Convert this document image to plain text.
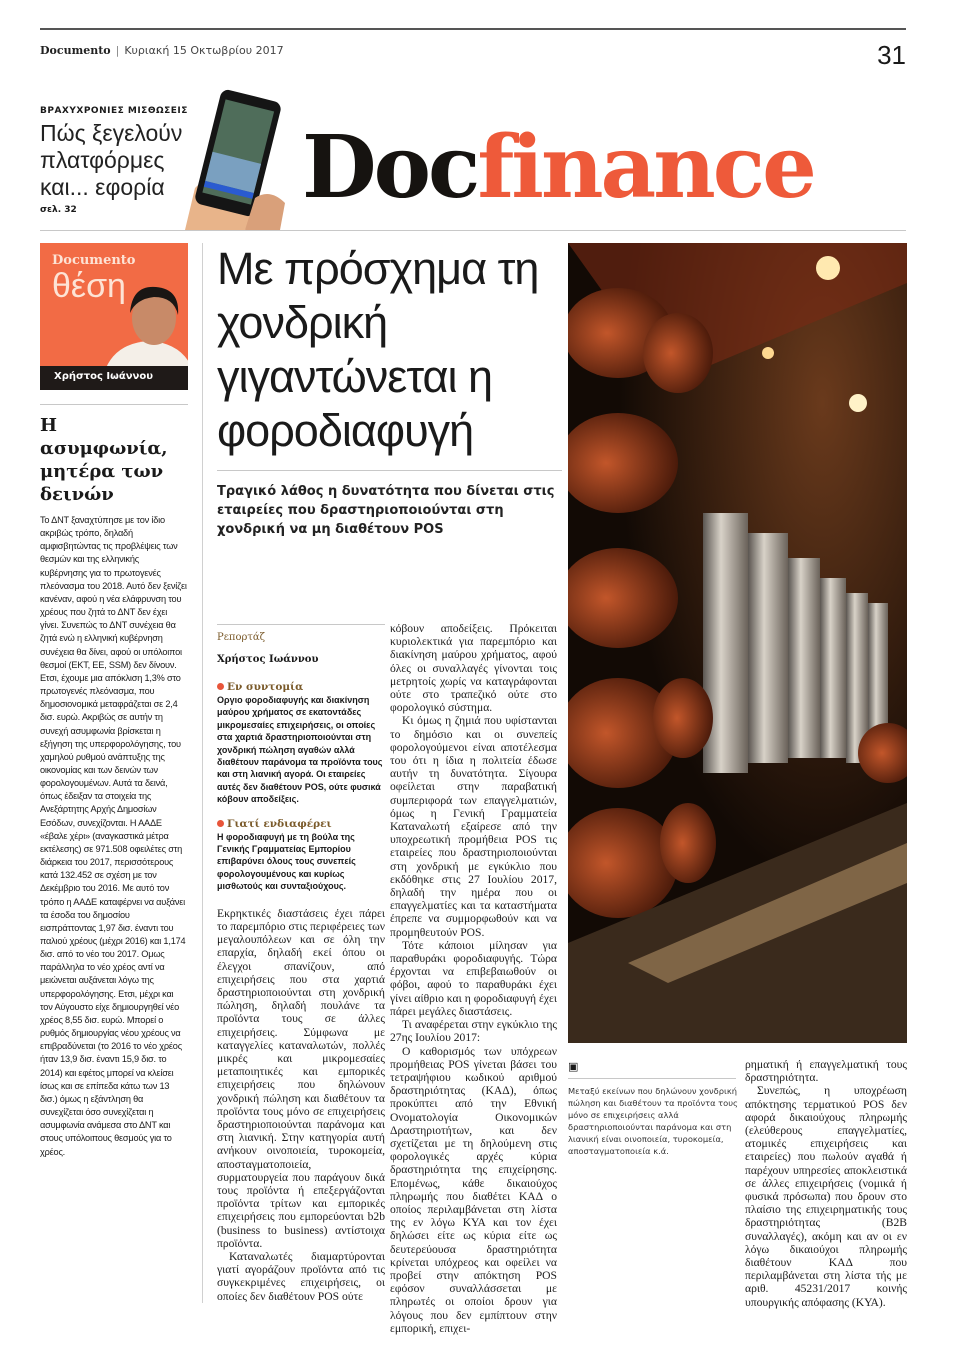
Documento | Κυριακή 15 Οκτωβρίου 2017	31
ΒΡΑΧΥΧΡΟΝΙΕΣ ΜΙΣΘΩΣΕΙΣ
Πώς ξεγελούν
πλατφόρμες
και... εφορία
σελ. 32	Docfinance
Documento
θέση
Χρήστος Ιωάννου
Η ασυμφωνία, μητέρα των δεινών
Το ΔΝΤ ξαναχτύπησε με τον ίδιο ακριβώς τρόπο, δηλαδή αμφισβητώντας τις προβλέψεις των θεσμών και της ελληνικής κυβέρνησης για το πρωτογενές πλεόνασμα του 2018. Αυτό δεν ξενίζει κανέναν, αφού η νέα ελάφρυνση του χρέους που ζητά το ΔΝΤ δεν έχει γίνει. Συνεπώς το ΔΝΤ συνέχεια θα ζητά ενώ η ελληνική κυβέρνηση συνέχεια θα δίνει, αφού οι υπόλοιποι θεσμοί (ΕΚΤ, ΕΕ, SSM) δεν δίνουν. Ετσι, έχουμε μια απόκλιση 1,3% στο πρωτογενές πλεόνασμα, που δημοσιονομικά μεταφράζεται σε 2,4 δισ. ευρώ. Ακριβώς σε αυτήν τη συνεχή ασυμφωνία βρίσκεται η εξήγηση της υπερφορολόγησης, του χαμηλού ρυθμού ανάπτυξης της οικονομίας και των δεινών των φορολογουμένων. Αυτά τα δεινά, όπως έδειξαν τα στοιχεία της Ανεξάρτητης Αρχής Δημοσίων Εσόδων, συνεχίζονται. Η ΑΑΔΕ «έβαλε χέρι» (αναγκαστικά μέτρα εκτέλεσης) σε 971.508 οφειλέτες στη διάρκεια του 2017, περισσότερους κατά 132.452 σε σχέση με τον Δεκέμβριο του 2016. Με αυτό τον τρόπο η ΑΑΔΕ καταφέρνει να αυξάνει τα έσοδα του δημοσίου εισπράττοντας 1,97 δισ. έναντι του παλιού χρέους (μέχρι 2016) και 1,174 δισ. από το νέο του 2017. Ομως παράλληλα το νέο χρέος αντί να μειώνεται αυξάνεται λόγω της υπερφορολόγησης. Ετσι, μέχρι και τον Αύγουστο είχε δημιουργηθεί νέο χρέος 8,55 δισ. ευρώ. Μπορεί ο ρυθμός δημιουργίας νέου χρέους να επιβραδύνεται (το 2016 το νέο χρέος ήταν 13,9 δισ. έναντι 15,9 δισ. το 2014) και εφέτος μπορεί να κλείσει ίσως και σε επίπεδα κάτω των 13 δισ.) όμως η εξάντληση θα συνεχίζεται όσο συνεχίζεται η ασυμφωνία ανάμεσα στο ΔΝΤ και στους υπόλοιπους θεσμούς για το χρέος.
Με πρόσχημα τη χονδρική γιγαντώνεται η φοροδιαφυγή
Τραγικό λάθος η δυνατότητα που δίνεται στις εταιρείες που δραστηριοποιούνται στη χονδρική να μη διαθέτουν POS
Ρεπορτάζ
Χρήστος Ιωάννου
Εν συντομία
Οργιο φοροδιαφυγής και διακίνηση μαύρου χρήματος σε εκατοντάδες μικρομεσαίες επιχειρήσεις, οι οποίες στα χαρτιά δραστηριοποιούνται στη χονδρική πώληση αγαθών αλλά διαθέτουν παράνομα τα προϊόντα τους και στη λιανική αγορά. Οι εταιρείες αυτές δεν διαθέτουν POS, ούτε φυσικά κόβουν αποδείξεις.
Γιατί ενδιαφέρει
Η φοροδιαφυγή με τη βούλα της Γενικής Γραμματείας Εμπορίου επιβαρύνει όλους τους συνεπείς φορολογουμένους και κυρίως μισθωτούς και συνταξιούχους.

Εκρηκτικές διαστάσεις έχει πάρει το παρεμπόριο στις περιφέρειες των μεγαλουπόλεων και σε όλη την επαρχία, δηλαδή εκεί όπου οι έλεγχοι σπανίζουν, από επιχειρήσεις που στα χαρτιά δραστηριοποιούνται στη χονδρική πώληση, δηλαδή πουλάνε τα προϊόντα τους σε άλλες επιχειρήσεις. Σύμφωνα με καταγγελίες καταναλωτών, πολλές μικρές και μικρομεσαίες μεταποιητικές και εμπορικές επιχειρήσεις που δηλώνουν χονδρική πώληση και διαθέτουν τα προϊόντα τους μόνο σε επιχειρήσεις δραστηριοποιούνται παράνομα και στη λιανική. Στην κατηγορία αυτή ανήκουν οινοποιεία, τυροκομεία, αποσταγματοποιεία, συρματουργεία που παράγουν δικά τους προϊόντα ή επεξεργάζονται προϊόντα τρίτων και εμπορικές επιχειρήσεις που εμπορεύονται b2b (business to business) αντίστοιχα προϊόντα.

Καταναλωτές διαμαρτύρονται γιατί αγοράζουν προϊόντα από τις συγκεκριμένες επιχειρήσεις, οι οποίες δεν διαθέτουν POS ούτε

κόβουν αποδείξεις. Πρόκειται κυριολεκτικά για παρεμπόριο και διακίνηση μαύρου χρήματος, αφού όλες οι συναλλαγές γίνονται τοις μετρητοίς χωρίς να καταγράφονται ούτε στο τραπεζικό ούτε στο φορολογικό σύστημα.

Κι όμως η ζημιά που υφίστανται το δημόσιο και οι συνεπείς φορολογούμενοι είναι αποτέλεσμα του ότι η ίδια η πολιτεία έδωσε αυτήν τη δυνατότητα. Σίγουρα οφείλεται στην παραβατική συμπεριφορά των επαγγελματιών, όμως η Γενική Γραμματεία Καταναλωτή εξαίρεσε από την υποχρεωτική προμήθεια POS τις εταιρείες που δραστηριοποιούνται στη χονδρική με εγκύκλιο που εκδόθηκε στις 27 Ιουλίου 2017, δηλαδή την ημέρα που οι επαγγελματίες και τα καταστήματα έπρεπε να συμμορφωθούν και να προμηθευτούν POS.

Τότε κάποιοι μίλησαν για παραθυράκι φοροδιαφυγής. Τώρα έρχονται να επιβεβαιωθούν οι φόβοι, αφού το παραθυράκι έχει γίνει αίθριο και η φοροδιαφυγή έχει πάρει μεγάλες διαστάσεις.

Τι αναφέρεται στην εγκύκλιο της 27ης Ιουλίου 2017:

Ο καθορισμός των υπόχρεων προμήθειας POS γίνεται βάσει του τετραψήφιου κωδικού αριθμού δραστηριότητας (ΚΑΔ), όπως προκύπτει από την Εθνική Ονοματολογία Οικονομικών Δραστηριοτήτων, και δεν σχετίζεται με τη δηλούμενη στις φορολογικές αρχές κύρια δραστηριότητα της επιχείρησης. Επομένως, κάθε δικαιούχος πληρωμής που διαθέτει ΚΑΔ ο οποίος περιλαμβάνεται στη λίστα της εν λόγω ΚΥΑ και τον έχει δηλώσει είτε ως κύρια είτε ως δευτερεύουσα δραστηριότητα κρίνεται υπόχρεος και οφείλει να προβεί στην απόκτηση POS εφόσον συναλλάσσεται με πληρωτές οι οποίοι δρουν για λόγους που δεν εμπίπτουν στην εμπορική, επιχει-

▣
Μεταξύ εκείνων που δηλώνουν χονδρική πώληση και διαθέτουν τα προϊόντα τους μόνο σε επιχειρήσεις αλλά δραστηριοποιούνται παράνομα και στη λιανική είναι οινοποιεία, τυροκομεία, αποσταγματοποιεία κ.ά.

ρηματική ή επαγγελματική τους δραστηριότητα.

Συνεπώς, η υποχρέωση απόκτησης τερματικού POS δεν αφορά δικαιούχους πληρωμής (ελεύθερους επαγγελματίες, ατομικές επιχειρήσεις και εταιρείες) που πωλούν αγαθά ή παρέχουν υπηρεσίες αποκλειστικά σε άλλες επιχειρήσεις (νομικά ή φυσικά πρόσωπα) που δρουν στο πλαίσιο της επιχειρηματικής τους δραστηριότητας (B2B συναλλαγές), ακόμη και αν οι εν λόγω δικαιούχοι πληρωμής διαθέτουν ΚΑΔ που περιλαμβάνεται στη λίστα τής με αριθ. 45231/2017 κοινής υπουργικής απόφασης (ΚΥΑ).
